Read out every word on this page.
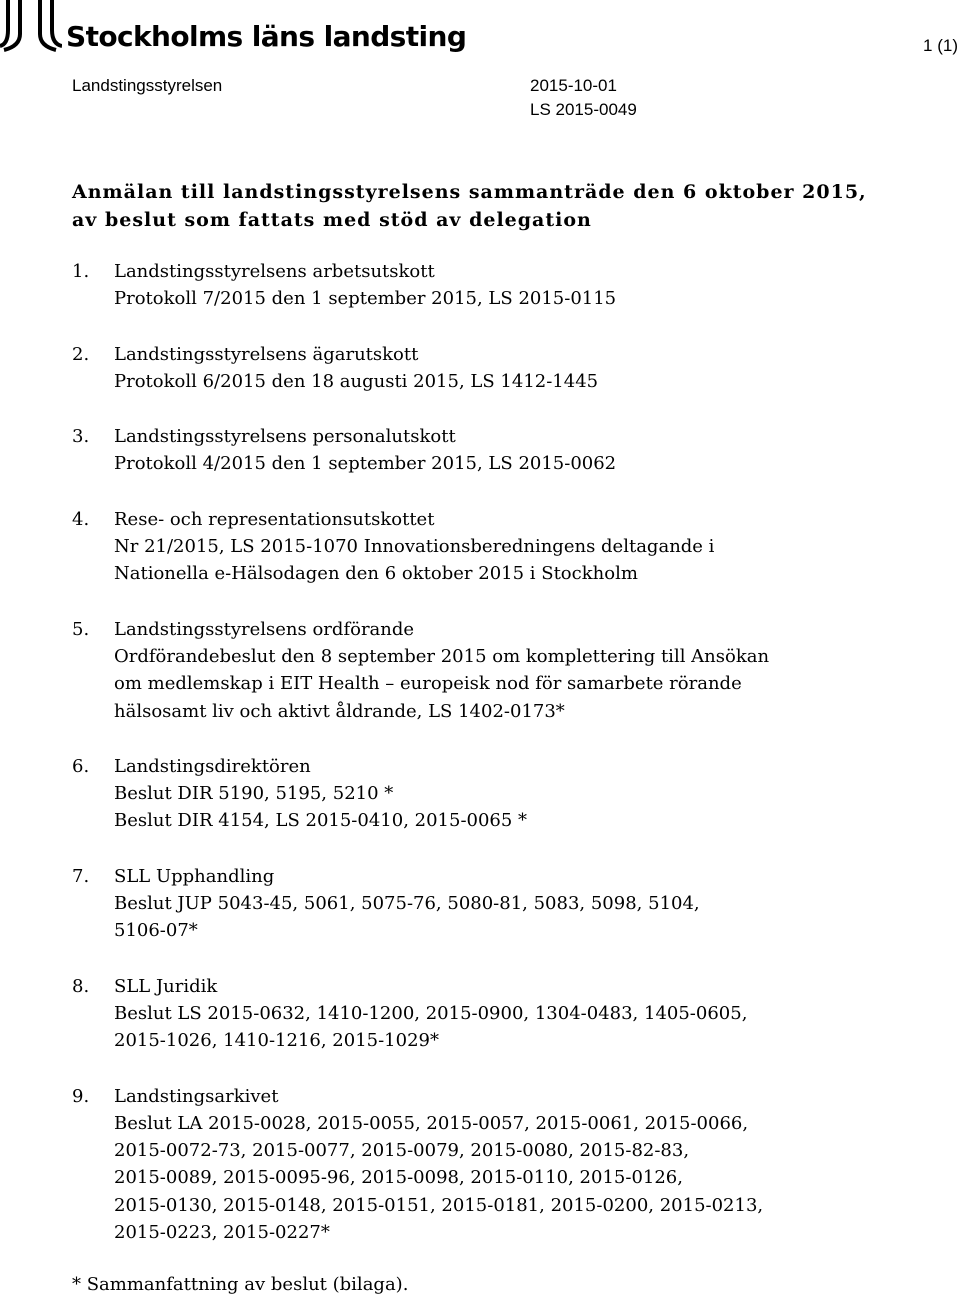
Stockholms läns landsting	1 (1)
Landstingsstyrelsen	2015-10-01
LS 2015-0049
Anmälan till landstingsstyrelsens sammanträde den 6 oktober 2015, av beslut som fattats med stöd av delegation
1.	Landstingsstyrelsens arbetsutskott
Protokoll 7/2015 den 1 september 2015, LS 2015-0115
2.	Landstingsstyrelsens ägarutskott
Protokoll 6/2015 den 18 augusti 2015, LS 1412-1445
3.	Landstingsstyrelsens personalutskott
Protokoll 4/2015 den 1 september 2015, LS 2015-0062
4.	Rese- och representationsutskottet
Nr 21/2015, LS 2015-1070 Innovationsberedningens deltagande i
Nationella e-Hälsodagen den 6 oktober 2015 i Stockholm
5.	Landstingsstyrelsens ordförande
Ordförandebeslut den 8 september 2015 om komplettering till Ansökan
om medlemskap i EIT Health – europeisk nod för samarbete rörande
hälsosamt liv och aktivt åldrande, LS 1402-0173*
6.	Landstingsdirektören
Beslut DIR 5190, 5195, 5210 *
Beslut DIR 4154, LS 2015-0410, 2015-0065 *
7.	SLL Upphandling
Beslut JUP 5043-45, 5061, 5075-76, 5080-81, 5083, 5098, 5104,
5106-07*
8.	SLL Juridik
Beslut LS 2015-0632, 1410-1200, 2015-0900, 1304-0483, 1405-0605,
2015-1026, 1410-1216, 2015-1029*
9.	Landstingsarkivet
Beslut LA 2015-0028, 2015-0055, 2015-0057, 2015-0061, 2015-0066,
2015-0072-73, 2015-0077, 2015-0079, 2015-0080, 2015-82-83,
2015-0089, 2015-0095-96, 2015-0098, 2015-0110, 2015-0126,
2015-0130, 2015-0148, 2015-0151, 2015-0181, 2015-0200, 2015-0213,
2015-0223, 2015-0227*
* Sammanfattning av beslut (bilaga).
